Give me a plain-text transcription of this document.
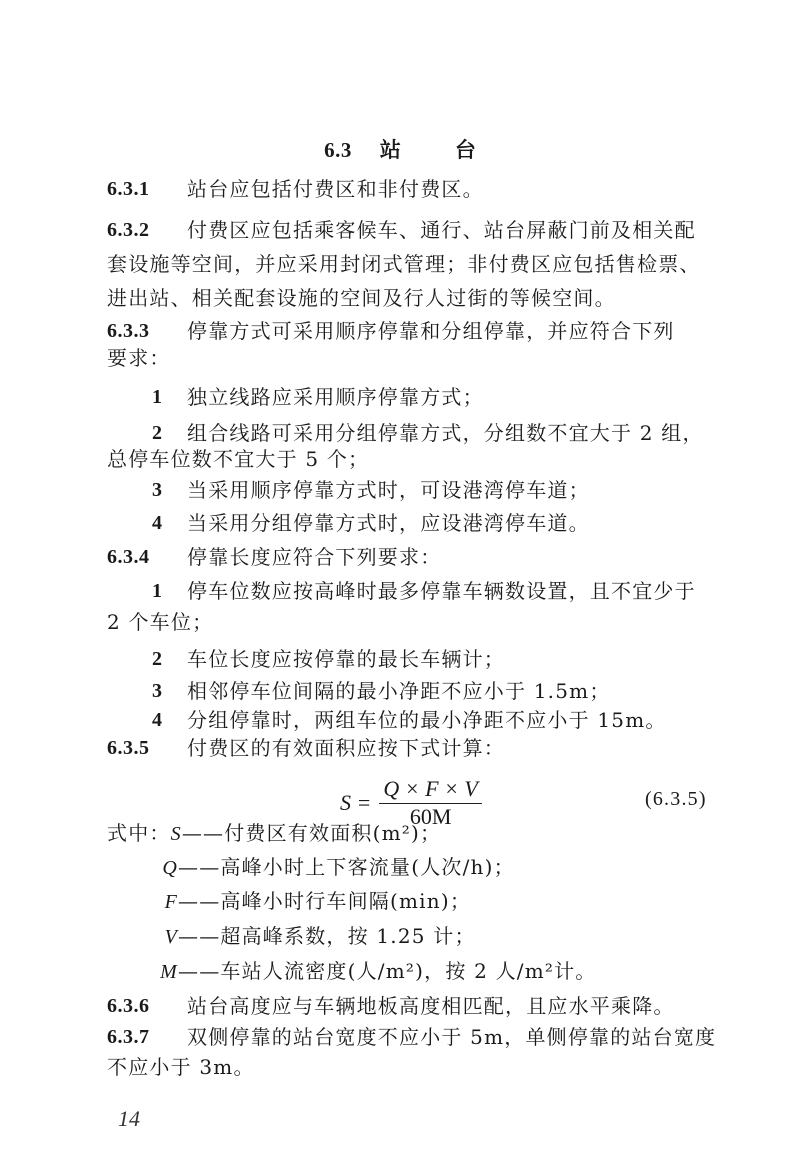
6.3 站	台
6.3.1 站台应包括付费区和非付费区。
6.3.2 付费区应包括乘客候车、通行、站台屏蔽门前及相关配
套设施等空间，并应采用封闭式管理；非付费区应包括售检票、
进出站、相关配套设施的空间及行人过街的等候空间。
6.3.3 停靠方式可采用顺序停靠和分组停靠，并应符合下列
要求：
1 独立线路应采用顺序停靠方式；
2 组合线路可采用分组停靠方式，分组数不宜大于 2 组，
总停车位数不宜大于 5 个；
3 当采用顺序停靠方式时，可设港湾停车道；
4 当采用分组停靠方式时，应设港湾停车道。
6.3.4 停靠长度应符合下列要求：
1 停车位数应按高峰时最多停靠车辆数设置，且不宜少于
2 个车位；
2 车位长度应按停靠的最长车辆计；
3 相邻停车位间隔的最小净距不应小于 1.5m；
4 分组停靠时，两组车位的最小净距不应小于 15m。
6.3.5 付费区的有效面积应按下式计算：
$S = \frac{Q \times F \times V}{60M}$	(6.3.5)
式中： S ——付费区有效面积(m²)；
Q ——高峰小时上下客流量(人次/h)；
F ——高峰小时行车间隔(min)；
V ——超高峰系数，按 1.25 计；
M ——车站人流密度(人/m²)，按 2 人/m²计。
6.3.6 站台高度应与车辆地板高度相匹配，且应水平乘降。
6.3.7 双侧停靠的站台宽度不应小于 5m，单侧停靠的站台宽度
不应小于 3m。
14
